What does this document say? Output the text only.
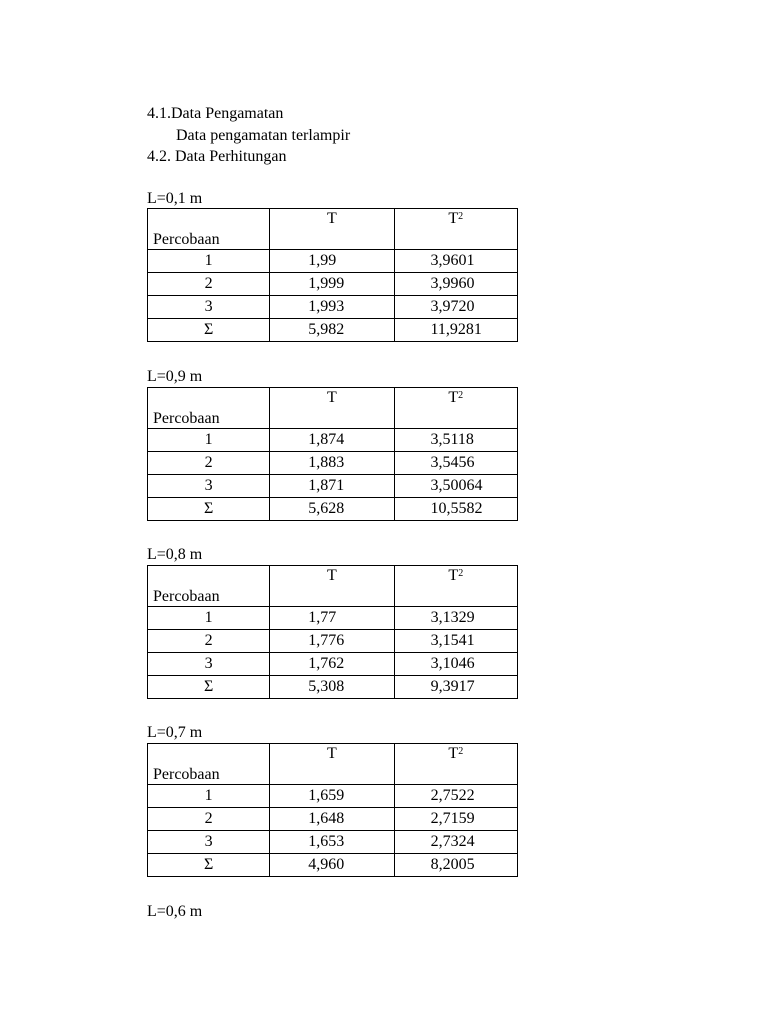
4.1.Data Pengamatan
Data pengamatan terlampir
4.2. Data Perhitungan
L=0,1 m
Percobaan	T	$T^2$
1	1,99	3,9601
2	1,999	3,9960
3	1,993	3,9720
Σ	5,982	11,9281
L=0,9 m
Percobaan	T	$T^2$
1	1,874	3,5118
2	1,883	3,5456
3	1,871	3,50064
Σ	5,628	10,5582
L=0,8 m
Percobaan	T	$T^2$
1	1,77	3,1329
2	1,776	3,1541
3	1,762	3,1046
Σ	5,308	9,3917
L=0,7 m
Percobaan	T	$T^2$
1	1,659	2,7522
2	1,648	2,7159
3	1,653	2,7324
Σ	4,960	8,2005
L=0,6 m
